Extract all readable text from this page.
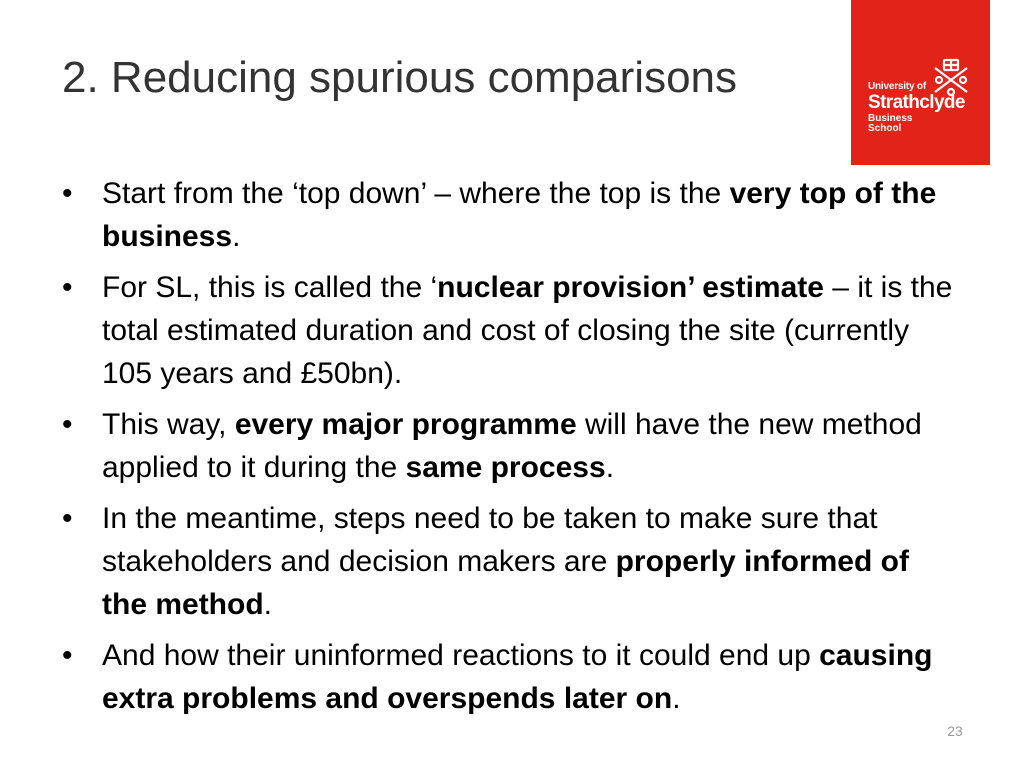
2. Reducing spurious comparisons	University of
Strathclyde
Business
School
• Start from the ‘top down’ – where the top is the very top of the business.
• For SL, this is called the ‘nuclear provision’ estimate – it is the total estimated duration and cost of closing the site (currently 105 years and £50bn).
• This way, every major programme will have the new method applied to it during the same process.
• In the meantime, steps need to be taken to make sure that stakeholders and decision makers are properly informed of the method.
• And how their uninformed reactions to it could end up causing extra problems and overspends later on.
23
